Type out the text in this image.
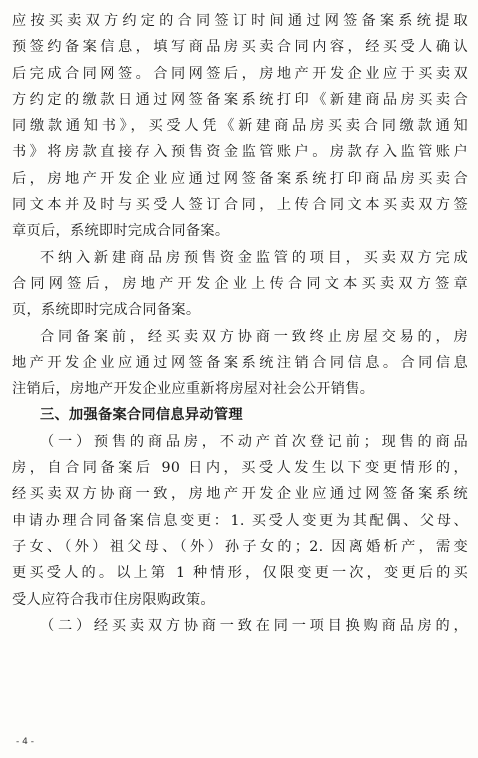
应按买卖双方约定的合同签订时间通过网签备案系统提取
预签约备案信息，填写商品房买卖合同内容，经买受人确认
后完成合同网签。合同网签后，房地产开发企业应于买卖双
方约定的缴款日通过网签备案系统打印《新建商品房买卖合
同缴款通知书》，买受人凭《新建商品房买卖合同缴款通知
书》将房款直接存入预售资金监管账户。房款存入监管账户
后，房地产开发企业应通过网签备案系统打印商品房买卖合
同文本并及时与买受人签订合同，上传合同文本买卖双方签
章页后，系统即时完成合同备案。
不纳入新建商品房预售资金监管的项目，买卖双方完成
合同网签后，房地产开发企业上传合同文本买卖双方签章
页，系统即时完成合同备案。
合同备案前，经买卖双方协商一致终止房屋交易的，房
地产开发企业应通过网签备案系统注销合同信息。合同信息
注销后，房地产开发企业应重新将房屋对社会公开销售。
三、加强备案合同信息异动管理
（一）预售的商品房，不动产首次登记前；现售的商品
房，自合同备案后 90 日内，买受人发生以下变更情形的，
经买卖双方协商一致，房地产开发企业应通过网签备案系统
申请办理合同备案信息变更：1. 买受人变更为其配偶、父母、
子女、（外）祖父母、（外）孙子女的；2. 因离婚析产，需变
更买受人的。以上第 1 种情形，仅限变更一次，变更后的买
受人应符合我市住房限购政策。
（二）经买卖双方协商一致在同一项目换购商品房的，
- 4 -
